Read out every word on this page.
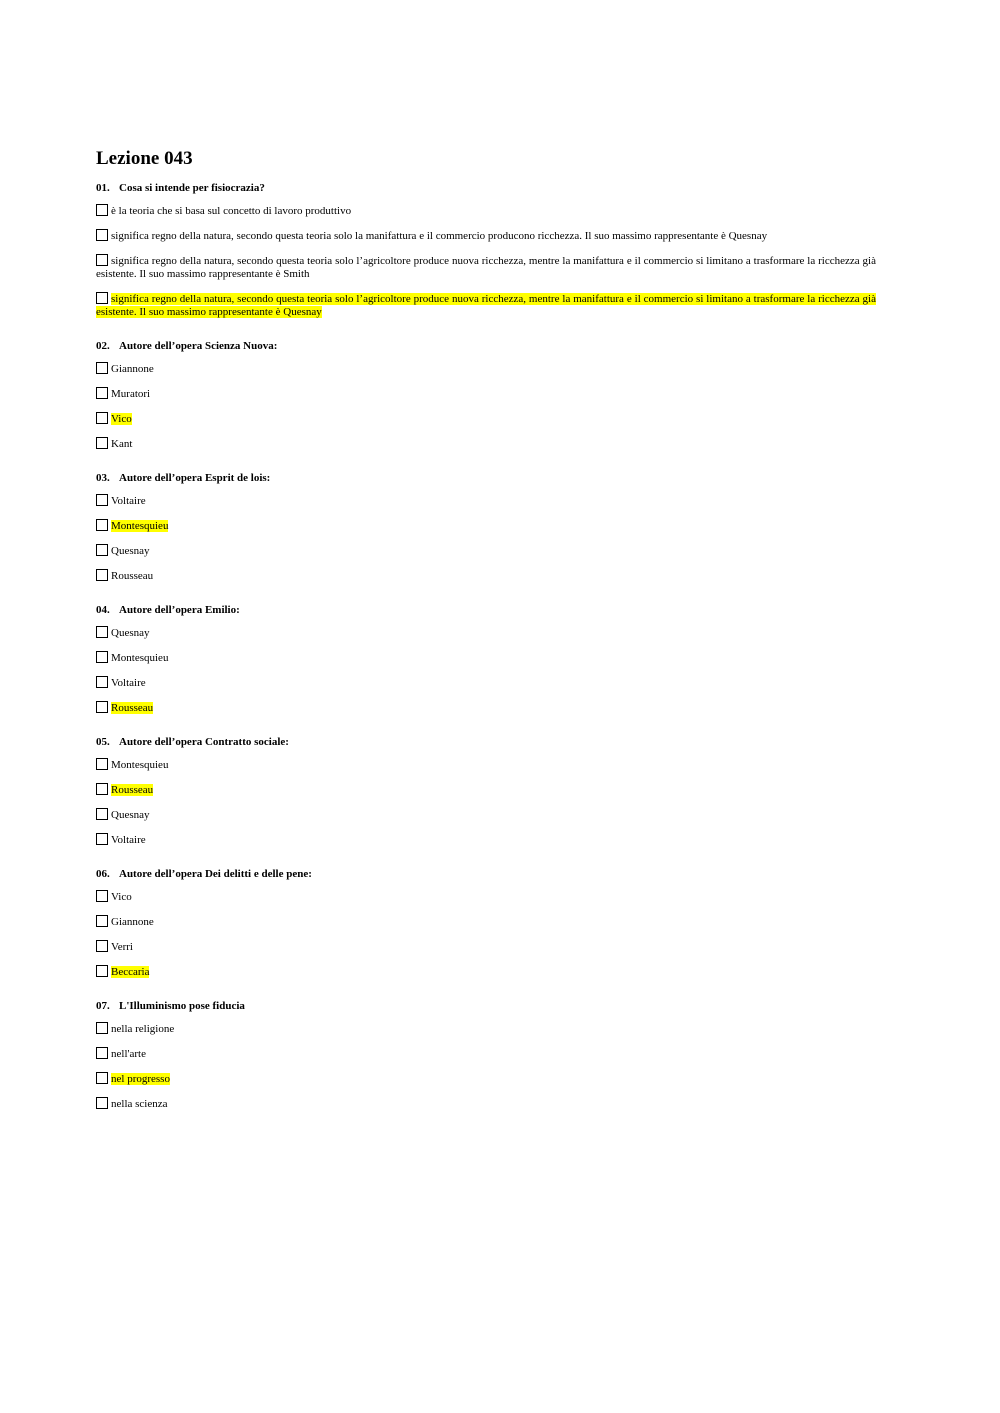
Lezione 043
01. Cosa si intende per fisiocrazia?
è la teoria che si basa sul concetto di lavoro produttivo
significa regno della natura, secondo questa teoria solo la manifattura e il commercio producono ricchezza. Il suo massimo rappresentante è Quesnay
significa regno della natura, secondo questa teoria solo l’agricoltore produce nuova ricchezza, mentre la manifattura e il commercio si limitano a trasformare la ricchezza già esistente. Il suo massimo rappresentante è Smith
significa regno della natura, secondo questa teoria solo l’agricoltore produce nuova ricchezza, mentre la manifattura e il commercio si limitano a trasformare la ricchezza già esistente. Il suo massimo rappresentante è Quesnay
02. Autore dell’opera Scienza Nuova:
Giannone
Muratori
Vico
Kant
03. Autore dell’opera Esprit de lois:
Voltaire
Montesquieu
Quesnay
Rousseau
04. Autore dell’opera Emilio:
Quesnay
Montesquieu
Voltaire
Rousseau
05. Autore dell’opera Contratto sociale:
Montesquieu
Rousseau
Quesnay
Voltaire
06. Autore dell’opera Dei delitti e delle pene:
Vico
Giannone
Verri
Beccaria
07. L'Illuminismo pose fiducia
nella religione
nell'arte
nel progresso
nella scienza
